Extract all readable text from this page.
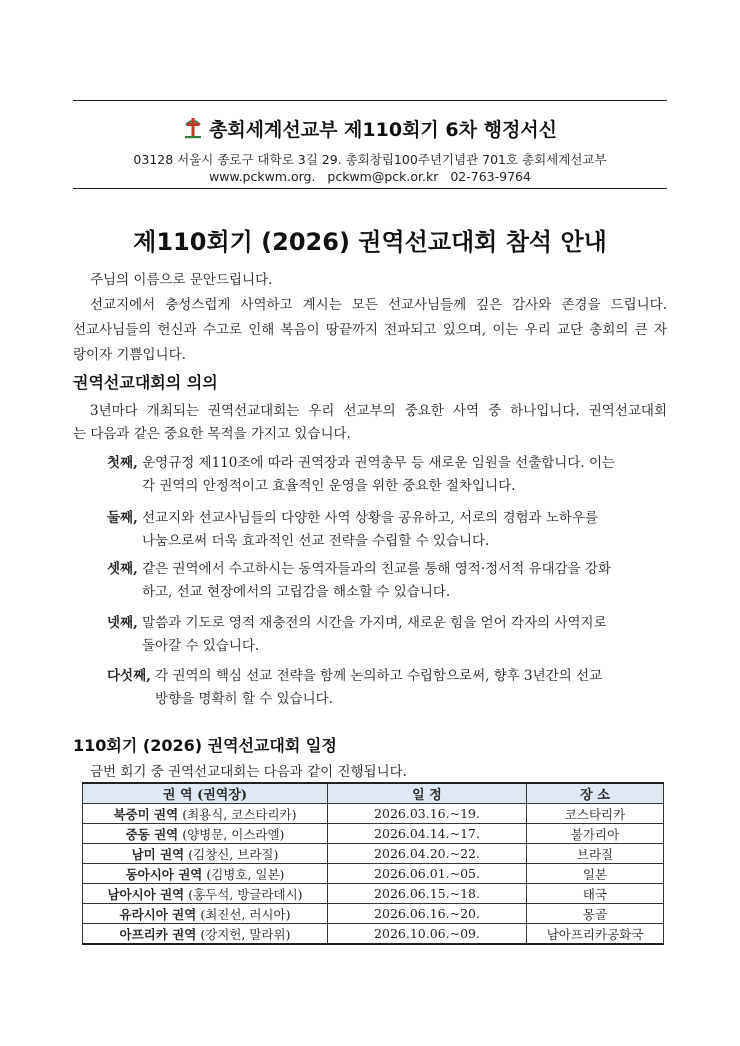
총회세계선교부 제110회기 6차 행정서신
03128 서울시 종로구 대학로 3길 29. 총회창립100주년기념관 701호 총회세계선교부
www.pckwm.org. pckwm@pck.or.kr 02-763-9764
제110회기 (2026) 권역선교대회 참석 안내
주님의 이름으로 문안드립니다.
선교지에서 충성스럽게 사역하고 계시는 모든 선교사님들께 깊은 감사와 존경을 드립니다.
선교사님들의 헌신과 수고로 인해 복음이 땅끝까지 전파되고 있으며, 이는 우리 교단 총회의 큰 자
랑이자 기쁨입니다.
권역선교대회의 의의
3년마다 개최되는 권역선교대회는 우리 선교부의 중요한 사역 중 하나입니다. 권역선교대회
는 다음과 같은 중요한 목적을 가지고 있습니다.
첫째, 운영규정 제110조에 따라 권역장과 권역총무 등 새로운 임원을 선출합니다. 이는
각 권역의 안정적이고 효율적인 운영을 위한 중요한 절차입니다.
둘째, 선교지와 선교사님들의 다양한 사역 상황을 공유하고, 서로의 경험과 노하우를
나눔으로써 더욱 효과적인 선교 전략을 수립할 수 있습니다.
셋째, 같은 권역에서 수고하시는 동역자들과의 친교를 통해 영적·정서적 유대감을 강화
하고, 선교 현장에서의 고립감을 해소할 수 있습니다.
넷째, 말씀과 기도로 영적 재충전의 시간을 가지며, 새로운 힘을 얻어 각자의 사역지로
돌아갈 수 있습니다.
다섯째, 각 권역의 핵심 선교 전략을 함께 논의하고 수립함으로써, 향후 3년간의 선교
방향을 명확히 할 수 있습니다.
110회기 (2026) 권역선교대회 일정
금번 회기 중 권역선교대회는 다음과 같이 진행됩니다.
권 역 (권역장)	일 정	장 소
북중미 권역 (최용식, 코스타리카)	2026.03.16.~19.	코스타리카
중동 권역 (양병문, 이스라엘)	2026.04.14.~17.	불가리아
남미 권역 (김창신, 브라질)	2026.04.20.~22.	브라질
동아시아 권역 (김병호, 일본)	2026.06.01.~05.	일본
남아시아 권역 (홍두석, 방글라데시)	2026.06.15.~18.	태국
유라시아 권역 (최진선, 러시아)	2026.06.16.~20.	몽골
아프리카 권역 (강지헌, 말라위)	2026.10.06.~09.	남아프리카공화국
